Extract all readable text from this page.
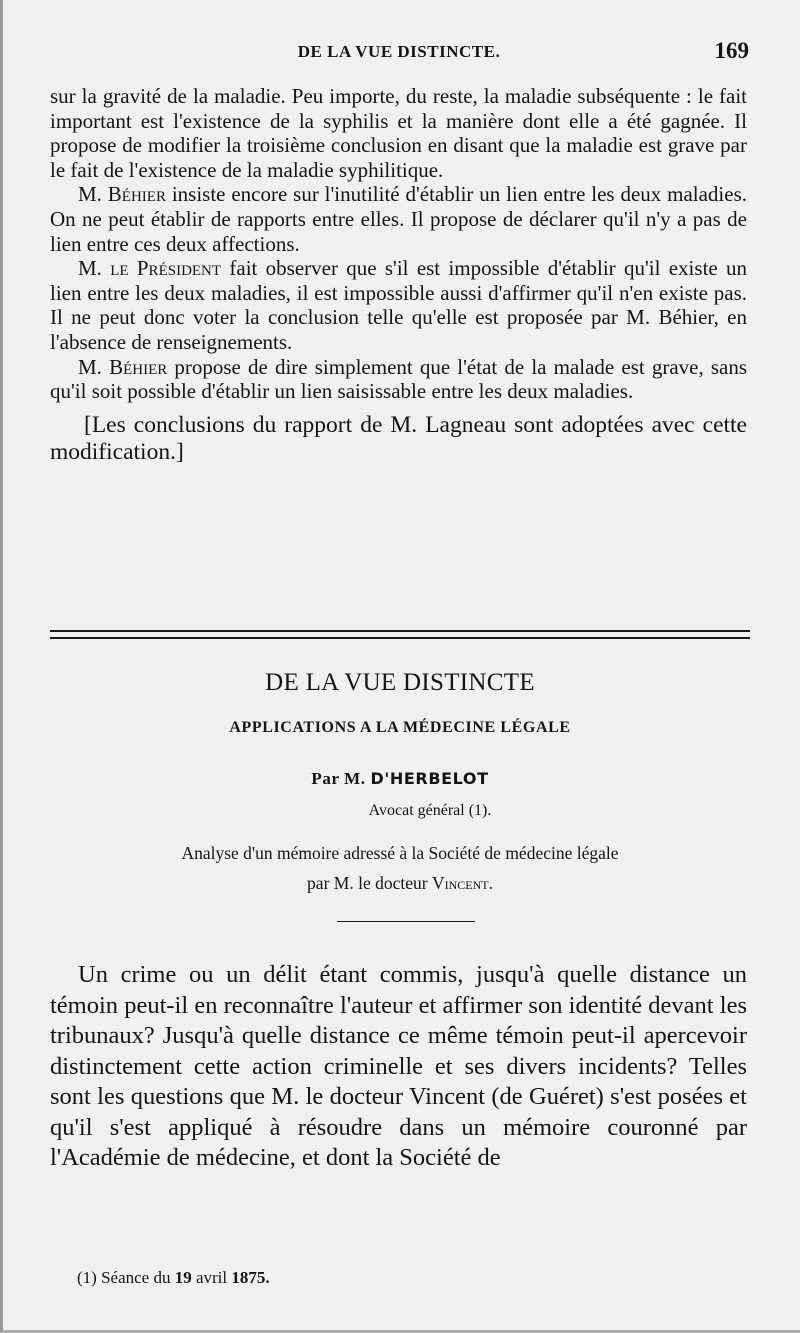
DE LA VUE DISTINCTE.	169

sur la gravité de la maladie. Peu importe, du reste, la maladie subséquente : le fait important est l'existence de la syphilis et la manière dont elle a été gagnée. Il propose de modifier la troisième conclusion en disant que la maladie est grave par le fait de l'existence de la maladie syphilitique.

M. Béhier insiste encore sur l'inutilité d'établir un lien entre les deux maladies. On ne peut établir de rapports entre elles. Il propose de déclarer qu'il n'y a pas de lien entre ces deux affections.

M. le Président fait observer que s'il est impossible d'établir qu'il existe un lien entre les deux maladies, il est impossible aussi d'affirmer qu'il n'en existe pas. Il ne peut donc voter la conclusion telle qu'elle est proposée par M. Béhier, en l'absence de renseignements.

M. Béhier propose de dire simplement que l'état de la malade est grave, sans qu'il soit possible d'établir un lien saisissable entre les deux maladies.

[Les conclusions du rapport de M. Lagneau sont adoptées avec cette modification.]

DE LA VUE DISTINCTE
APPLICATIONS A LA MÉDECINE LÉGALE
Par M. D'HERBELOT
Avocat général (1).
Analyse d'un mémoire adressé à la Société de médecine légale
par M. le docteur Vincent.

Un crime ou un délit étant commis, jusqu'à quelle distance un témoin peut-il en reconnaître l'auteur et affirmer son identité devant les tribunaux? Jusqu'à quelle distance ce même témoin peut-il apercevoir distinctement cette action criminelle et ses divers incidents? Telles sont les questions que M. le docteur Vincent (de Guéret) s'est posées et qu'il s'est appliqué à résoudre dans un mémoire couronné par l'Académie de médecine, et dont la Société de

(1) Séance du 19 avril 1875.
